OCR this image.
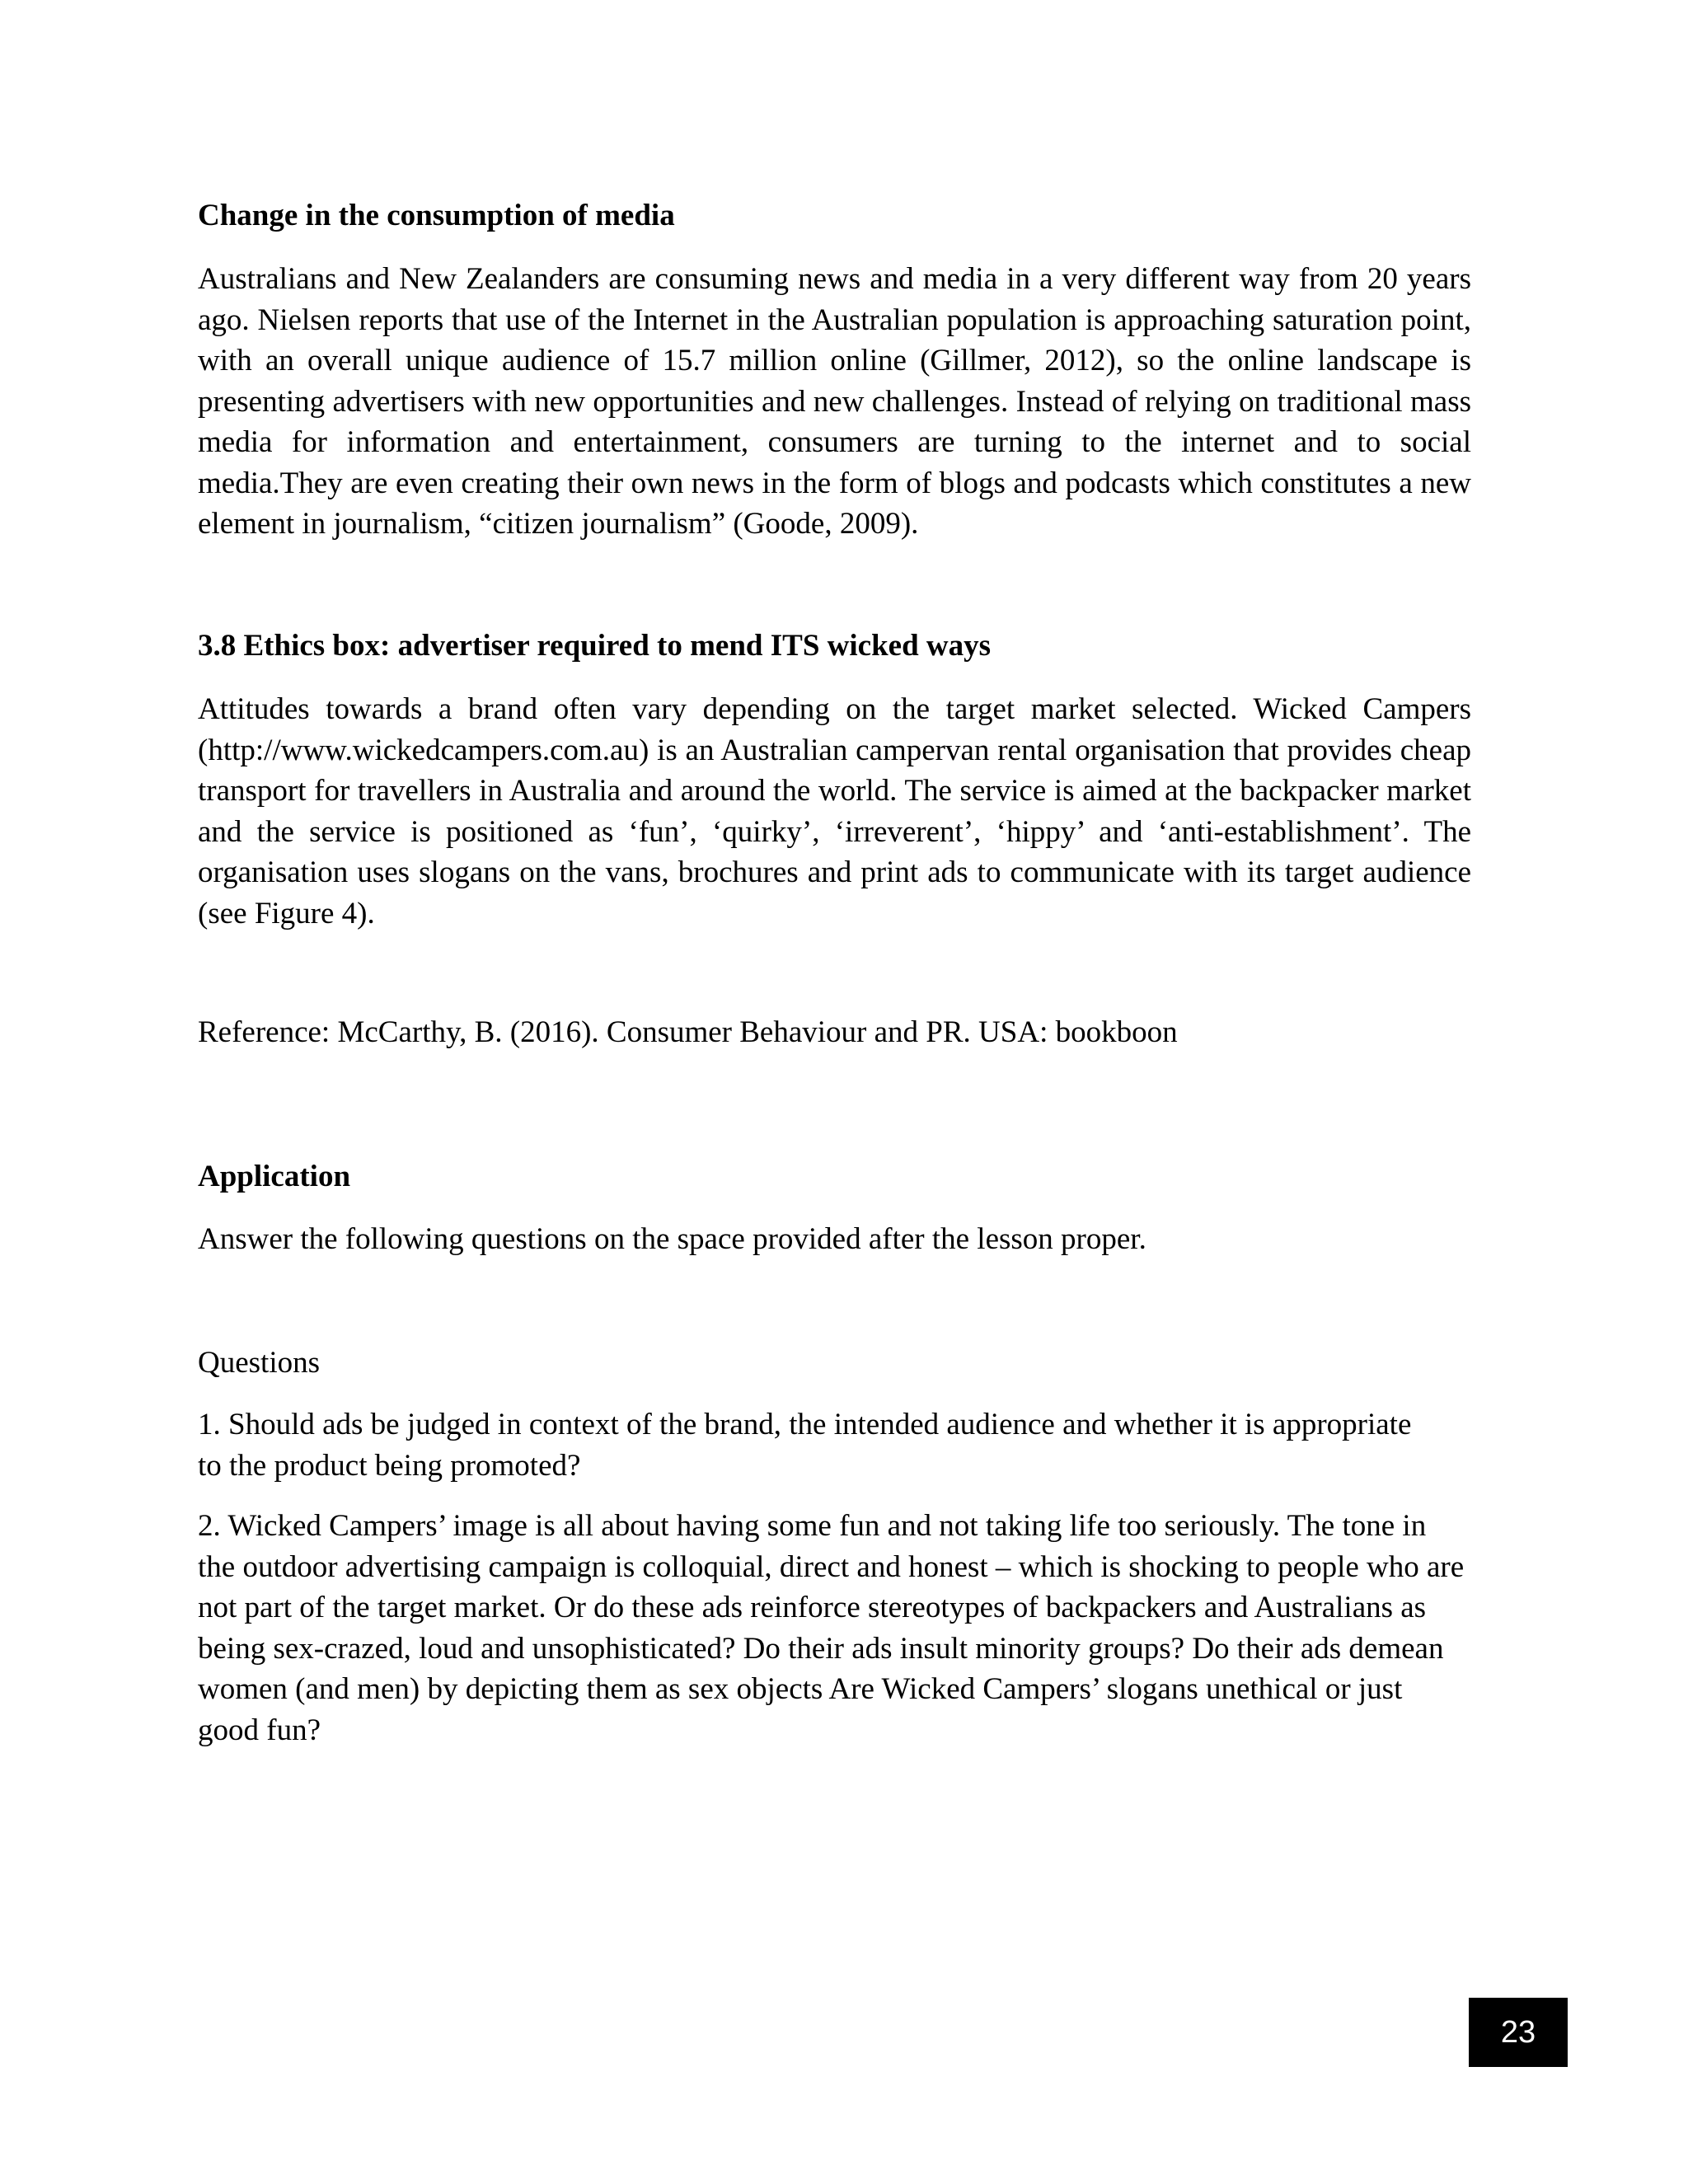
Change in the consumption of media

Australians and New Zealanders are consuming news and media in a very different way from 20 years ago. Nielsen reports that use of the Internet in the Australian population is approaching saturation point, with an overall unique audience of 15.7 million online (Gillmer, 2012), so the online landscape is presenting advertisers with new opportunities and new challenges. Instead of relying on traditional mass media for information and entertainment, consumers are turning to the internet and to social media.They are even creating their own news in the form of blogs and podcasts which constitutes a new element in journalism, “citizen journalism” (Goode, 2009).

3.8 Ethics box: advertiser required to mend ITS wicked ways

Attitudes towards a brand often vary depending on the target market selected. Wicked Campers (http://www.wickedcampers.com.au) is an Australian campervan rental organisation that provides cheap transport for travellers in Australia and around the world. The service is aimed at the backpacker market and the service is positioned as ‘fun’, ‘quirky’, ‘irreverent’, ‘hippy’ and ‘anti-establishment’. The organisation uses slogans on the vans, brochures and print ads to communicate with its target audience (see Figure 4).

Reference: McCarthy, B. (2016). Consumer Behaviour and PR. USA: bookboon

Application

Answer the following questions on the space provided after the lesson proper.

Questions

1. Should ads be judged in context of the brand, the intended audience and whether it is appropriate to the product being promoted?

2. Wicked Campers’ image is all about having some fun and not taking life too seriously. The tone in the outdoor advertising campaign is colloquial, direct and honest – which is shocking to people who are not part of the target market. Or do these ads reinforce stereotypes of backpackers and Australians as being sex-crazed, loud and unsophisticated? Do their ads insult minority groups? Do their ads demean women (and men) by depicting them as sex objects Are Wicked Campers’ slogans unethical or just good fun?

23
